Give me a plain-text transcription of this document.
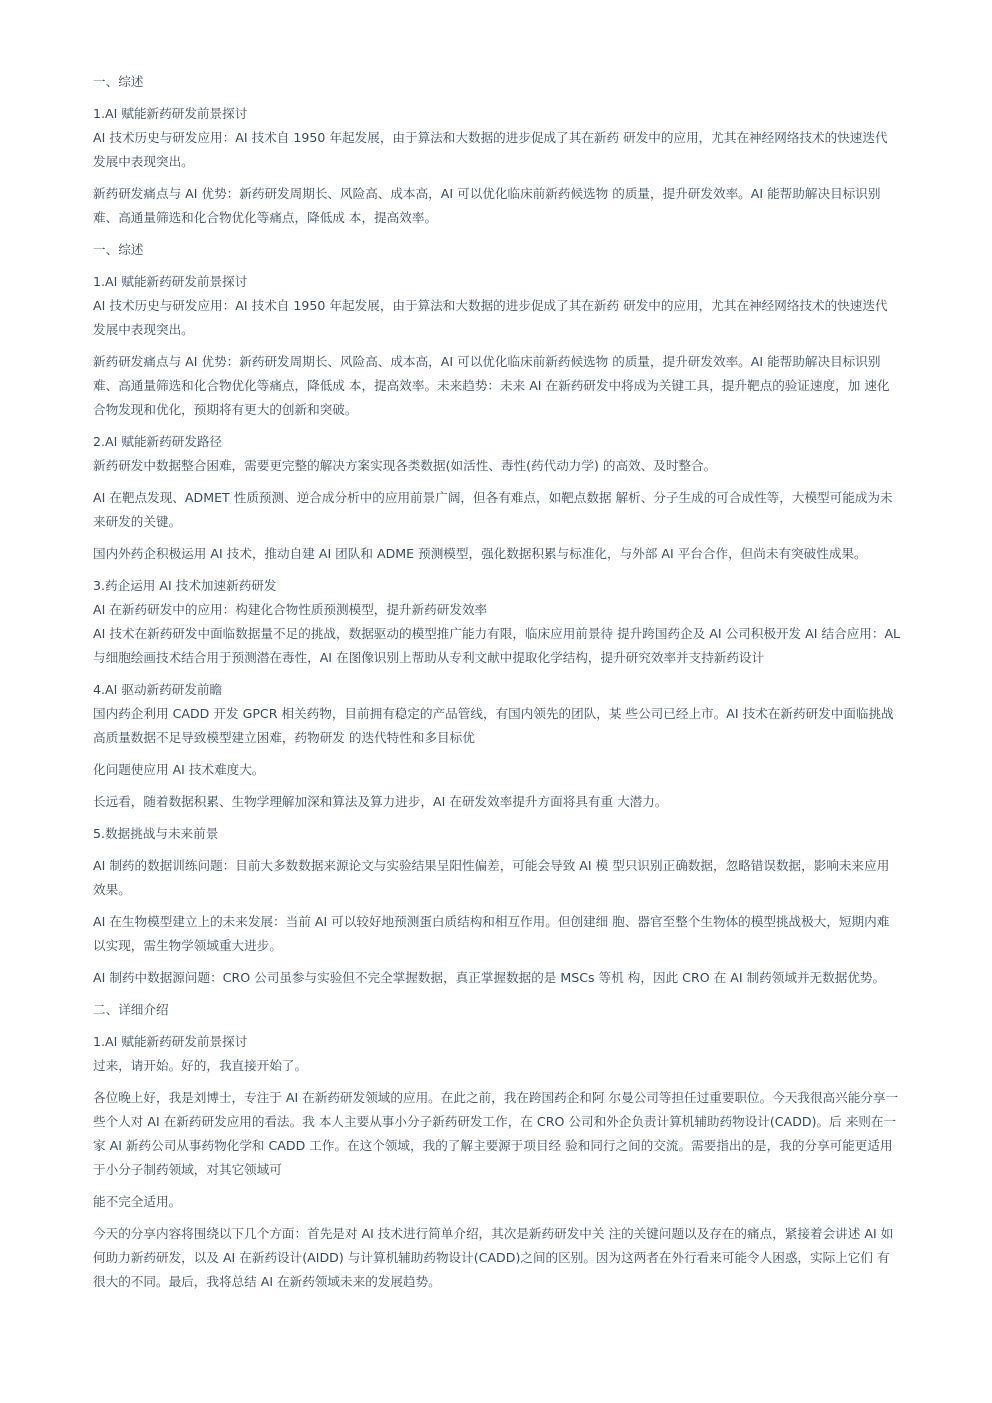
一、综述
1.AI 赋能新药研发前景探讨
AI 技术历史与研发应用：AI 技术自 1950 年起发展，由于算法和大数据的进步促成了其在新药 研发中的应用，尤其在神经网络技术的快速迭代
发展中表现突出。
新药研发痛点与 AI 优势：新药研发周期长、风险高、成本高，AI 可以优化临床前新药候选物 的质量，提升研发效率。AI 能帮助解决目标识别
难、高通量筛选和化合物优化等痛点，降低成 本，提高效率。
一、综述
1.AI 赋能新药研发前景探讨
AI 技术历史与研发应用：AI 技术自 1950 年起发展，由于算法和大数据的进步促成了其在新药 研发中的应用，尤其在神经网络技术的快速迭代
发展中表现突出。
新药研发痛点与 AI 优势：新药研发周期长、风险高、成本高，AI 可以优化临床前新药候选物 的质量，提升研发效率。AI 能帮助解决目标识别
难、高通量筛选和化合物优化等痛点，降低成 本，提高效率。未来趋势：未来 AI 在新药研发中将成为关键工具，提升靶点的验证速度，加 速化
合物发现和优化，预期将有更大的创新和突破。
2.AI 赋能新药研发路径
新药研发中数据整合困难，需要更完整的解决方案实现各类数据(如活性、毒性(药代动力学) 的高效、及时整合。
AI 在靶点发现、ADMET 性质预测、逆合成分析中的应用前景广阔，但各有难点，如靶点数据 解析、分子生成的可合成性等，大模型可能成为未
来研发的关键。
国内外药企积极运用 AI 技术，推动自建 AI 团队和 ADME 预测模型，强化数据积累与标准化，与外部 AI 平台合作，但尚未有突破性成果。
3.药企运用 AI 技术加速新药研发
AI 在新药研发中的应用：构建化合物性质预测模型，提升新药研发效率
AI 技术在新药研发中面临数据量不足的挑战，数据驱动的模型推广能力有限，临床应用前景待 提升跨国药企及 AI 公司积极开发 AI 结合应用：AL
与细胞绘画技术结合用于预测潜在毒性，AI 在图像识别上帮助从专利文献中提取化学结构，提升研究效率并支持新药设计
4.AI 驱动新药研发前瞻
国内药企利用 CADD 开发 GPCR 相关药物，目前拥有稳定的产品管线，有国内领先的团队，某 些公司已经上市。AI 技术在新药研发中面临挑战
高质量数据不足导致模型建立困难，药物研发 的迭代特性和多目标优
化问题使应用 AI 技术难度大。
长远看，随着数据积累、生物学理解加深和算法及算力进步，AI 在研发效率提升方面将具有重 大潜力。
5.数据挑战与未来前景
AI 制药的数据训练问题：目前大多数数据来源论文与实验结果呈阳性偏差，可能会导致 AI 模 型只识别正确数据，忽略错误数据，影响未来应用
效果。
AI 在生物模型建立上的未来发展：当前 AI 可以较好地预测蛋白质结构和相互作用。但创建细 胞、器官至整个生物体的模型挑战极大，短期内难
以实现，需生物学领域重大进步。
AI 制药中数据源问题：CRO 公司虽参与实验但不完全掌握数据，真正掌握数据的是 MSCs 等机 构，因此 CRO 在 AI 制药领域并无数据优势。
二、详细介绍
1.AI 赋能新药研发前景探讨
过来，请开始。好的，我直接开始了。
各位晚上好，我是刘博士，专注于 AI 在新药研发领域的应用。在此之前，我在跨国药企和阿 尔曼公司等担任过重要职位。今天我很高兴能分享一
些个人对 AI 在新药研发应用的看法。我 本人主要从事小分子新药研发工作，在 CRO 公司和外企负责计算机辅助药物设计(CADD)。后 来则在一
家 AI 新药公司从事药物化学和 CADD 工作。在这个领域，我的了解主要源于项目经 验和同行之间的交流。需要指出的是，我的分享可能更适用
于小分子制药领域，对其它领域可
能不完全适用。
今天的分享内容将围绕以下几个方面：首先是对 AI 技术进行简单介绍，其次是新药研发中关 注的关键问题以及存在的痛点，紧接着会讲述 AI 如
何助力新药研发，以及 AI 在新药设计(AIDD) 与计算机辅助药物设计(CADD)之间的区别。因为这两者在外行看来可能令人困惑，实际上它们 有
很大的不同。最后，我将总结 AI 在新药领域未来的发展趋势。
